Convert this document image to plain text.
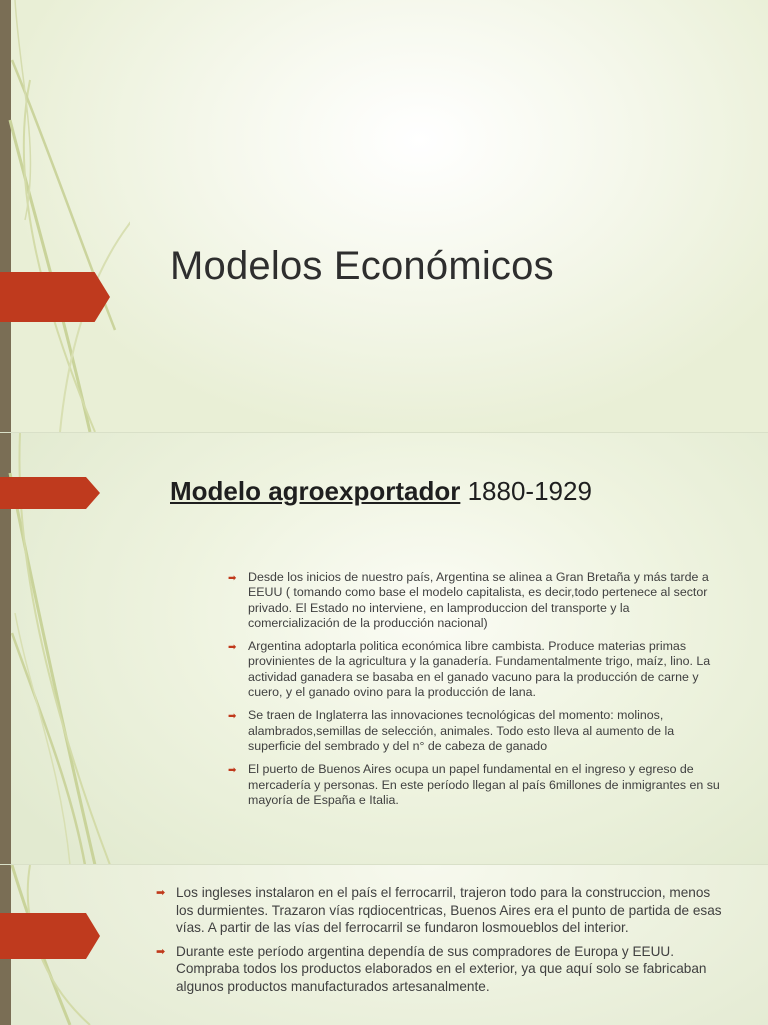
Modelos Económicos
Modelo agroexportador 1880-1929
➡ Desde los inicios de nuestro país, Argentina se alinea a Gran Bretaña y más tarde a EEUU ( tomando como base el modelo capitalista, es decir,todo pertenece al sector privado. El Estado no interviene, en lamproduccion del transporte y la comercialización de la producción nacional)
➡ Argentina adoptarla politica económica libre cambista. Produce materias primas provinientes de la agricultura y la ganadería. Fundamentalmente trigo, maíz, lino. La actividad ganadera se basaba en el ganado vacuno para la producción de carne y cuero, y el ganado ovino para la producción de lana.
➡ Se traen de Inglaterra las innovaciones tecnológicas del momento: molinos, alambrados,semillas de selección, animales. Todo esto lleva al aumento de la superficie del sembrado y del n° de cabeza de ganado
➡ El puerto de Buenos Aires ocupa un papel fundamental en el ingreso y egreso de mercadería y personas. En este período llegan al país 6millones de inmigrantes en su mayoría de España e Italia.
➡ Los ingleses instalaron en el país el ferrocarril, trajeron todo para la construccion, menos los durmientes. Trazaron vías rqdiocentricas, Buenos Aires era el punto de partida de esas vías. A partir de las vías del ferrocarril se fundaron losmoueblos del interior.
➡ Durante este período argentina dependía de sus compradores de Europa y EEUU. Compraba todos los productos elaborados en el exterior, ya que aquí solo se fabricaban algunos productos manufacturados artesanalmente.
